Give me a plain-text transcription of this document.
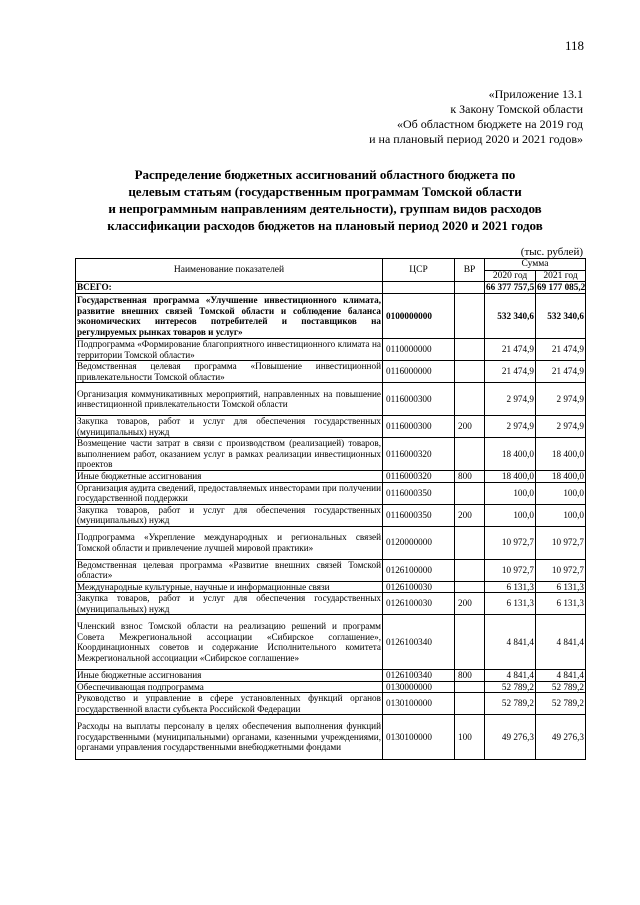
118
«Приложение 13.1
к Закону Томской области
«Об областном бюджете на 2019 год
и на плановый период 2020 и 2021 годов»
Распределение бюджетных ассигнований областного бюджета по
целевым статьям (государственным программам Томской области
и непрограммным направлениям деятельности), группам видов расходов
классификации расходов бюджетов на плановый период 2020 и 2021 годов
(тыс. рублей)
Наименование показателей	ЦСР	ВР	Сумма	
			2020 год	2021 год
ВСЕГО:			66 377 757,5	69 177 085,2
Государственная программа «Улучшение инвестиционного климата, развитие внешних связей Томской области и соблюдение баланса экономических интересов потребителей и поставщиков на регулируемых рынках товаров и услуг»	0100000000		532 340,6	532 340,6
Подпрограмма «Формирование благоприятного инвестиционного климата на территории Томской области»	0110000000		21 474,9	21 474,9
Ведомственная целевая программа «Повышение инвестиционной привлекательности Томской области»	0116000000		21 474,9	21 474,9
Организация коммуникативных мероприятий, направленных на повышение инвестиционной привлекательности Томской области	0116000300		2 974,9	2 974,9
Закупка товаров, работ и услуг для обеспечения государственных (муниципальных) нужд	0116000300	200	2 974,9	2 974,9
Возмещение части затрат в связи с производством (реализацией) товаров, выполнением работ, оказанием услуг в рамках реализации инвестиционных проектов	0116000320		18 400,0	18 400,0
Иные бюджетные ассигнования	0116000320	800	18 400,0	18 400,0
Организация аудита сведений, предоставляемых инвесторами при получении государственной поддержки	0116000350		100,0	100,0
Закупка товаров, работ и услуг для обеспечения государственных (муниципальных) нужд	0116000350	200	100,0	100,0
Подпрограмма «Укрепление международных и региональных связей Томской области и привлечение лучшей мировой практики»	0120000000		10 972,7	10 972,7
Ведомственная целевая программа «Развитие внешних связей Томской области»	0126100000		10 972,7	10 972,7
Международные культурные, научные и информационные связи	0126100030		6 131,3	6 131,3
Закупка товаров, работ и услуг для обеспечения государственных (муниципальных) нужд	0126100030	200	6 131,3	6 131,3
Членский взнос Томской области на реализацию решений и программ Совета Межрегиональной ассоциации «Сибирское соглашение», Координационных советов и содержание Исполнительного комитета Межрегиональной ассоциации «Сибирское соглашение»	0126100340		4 841,4	4 841,4
Иные бюджетные ассигнования	0126100340	800	4 841,4	4 841,4
Обеспечивающая подпрограмма	0130000000		52 789,2	52 789,2
Руководство и управление в сфере установленных функций органов государственной власти субъекта Российской Федерации	0130100000		52 789,2	52 789,2
Расходы на выплаты персоналу в целях обеспечения выполнения функций государственными (муниципальными) органами, казенными учреждениями, органами управления государственными внебюджетными фондами	0130100000	100	49 276,3	49 276,3
